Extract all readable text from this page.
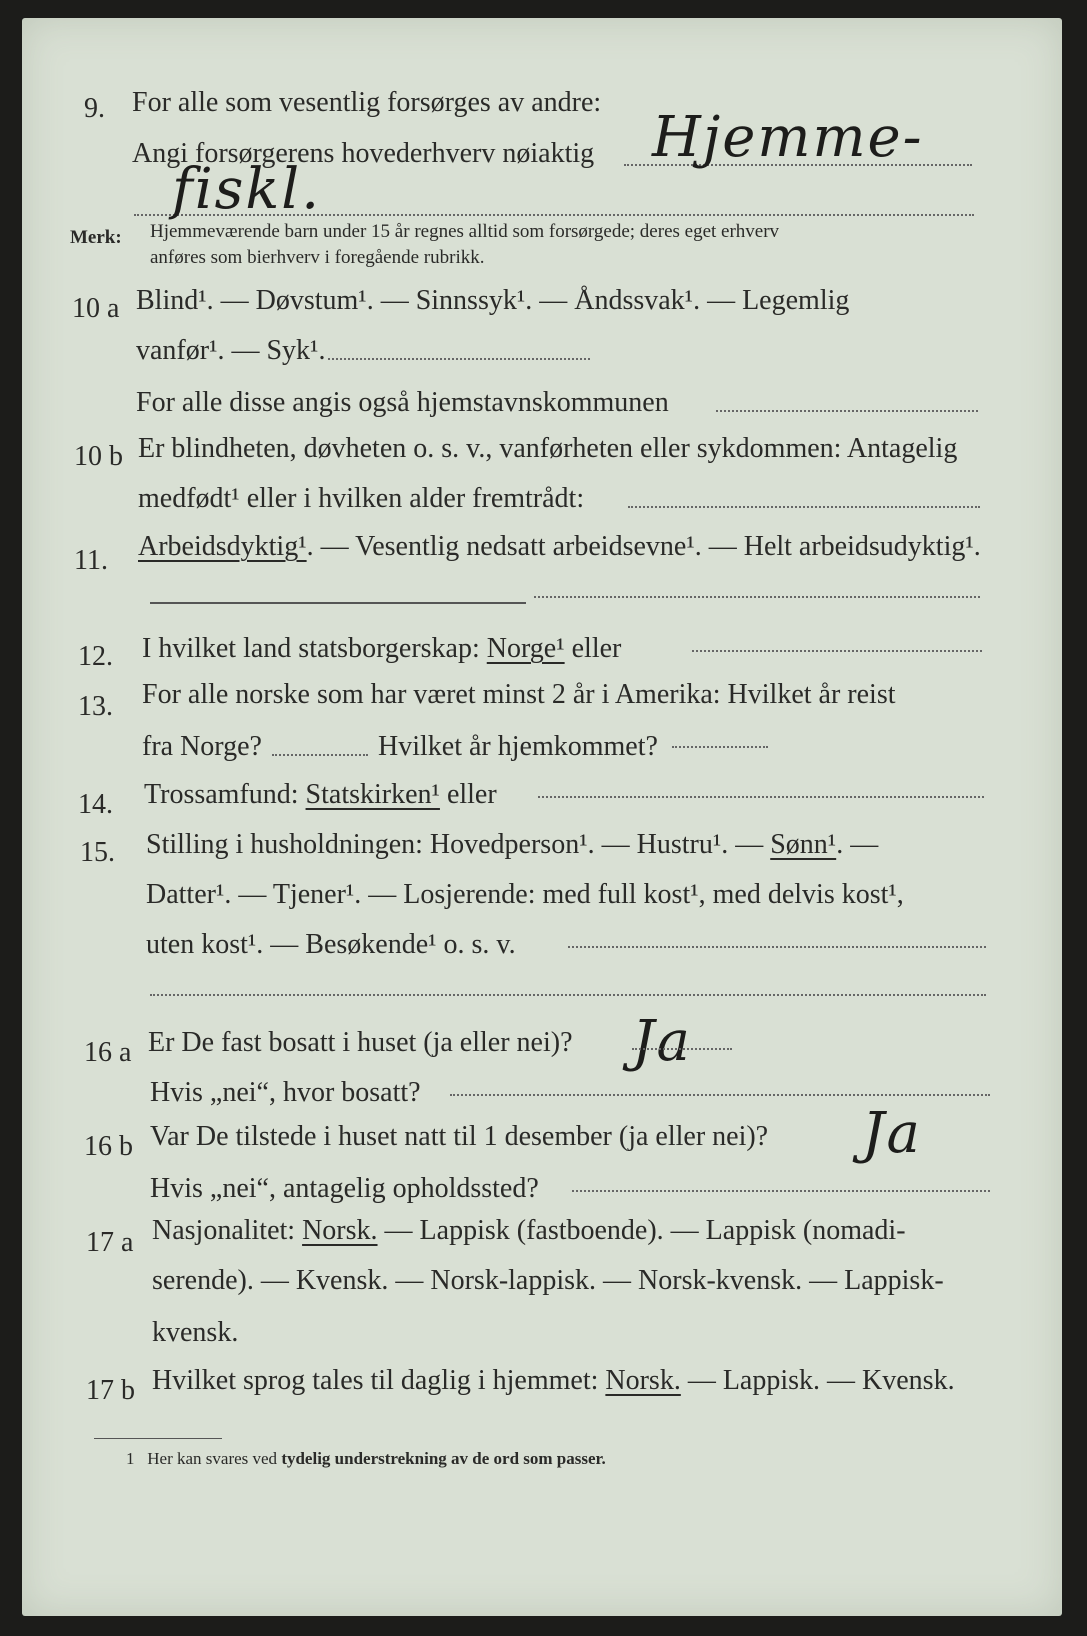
9. For alle som vesentlig forsørges av andre:
Angi forsørgerens hovederhverv nøiaktig Hjemme-
fiskl.
Merk: Hjemmeværende barn under 15 år regnes alltid som forsørgede; deres eget erhverv
anføres som bierhverv i foregående rubrikk.
10 a Blind¹. — Døvstum¹. — Sinnssyk¹. — Åndssvak¹. — Legemlig
vanfør¹. — Syk¹.
For alle disse angis også hjemstavnskommunen
10 b Er blindheten, døvheten o. s. v., vanførheten eller sykdommen: Antagelig
medfødt¹ eller i hvilken alder fremtrådt:
11. Arbeidsdyktig¹. — Vesentlig nedsatt arbeidsevne¹. — Helt arbeidsudyktig¹.
12. I hvilket land statsborgerskap: Norge¹ eller
13. For alle norske som har været minst 2 år i Amerika: Hvilket år reist
fra Norge?	Hvilket år hjemkommet?
14. Trossamfund: Statskirken¹ eller
15. Stilling i husholdningen: Hovedperson¹. — Hustru¹. — Sønn¹. —
Datter¹. — Tjener¹. — Losjerende: med full kost¹, med delvis kost¹,
uten kost¹. — Besøkende¹ o. s. v.
16 a Er De fast bosatt i huset (ja eller nei)? Ja
Hvis „nei“, hvor bosatt?
16 b Var De tilstede i huset natt til 1 desember (ja eller nei)? Ja
Hvis „nei“, antagelig opholdssted?
17 a Nasjonalitet: Norsk. — Lappisk (fastboende). — Lappisk (nomadi-
serende). — Kvensk. — Norsk-lappisk. — Norsk-kvensk. — Lappisk-
kvensk.
17 b Hvilket sprog tales til daglig i hjemmet: Norsk. — Lappisk. — Kvensk.
1 Her kan svares ved tydelig understrekning av de ord som passer.
